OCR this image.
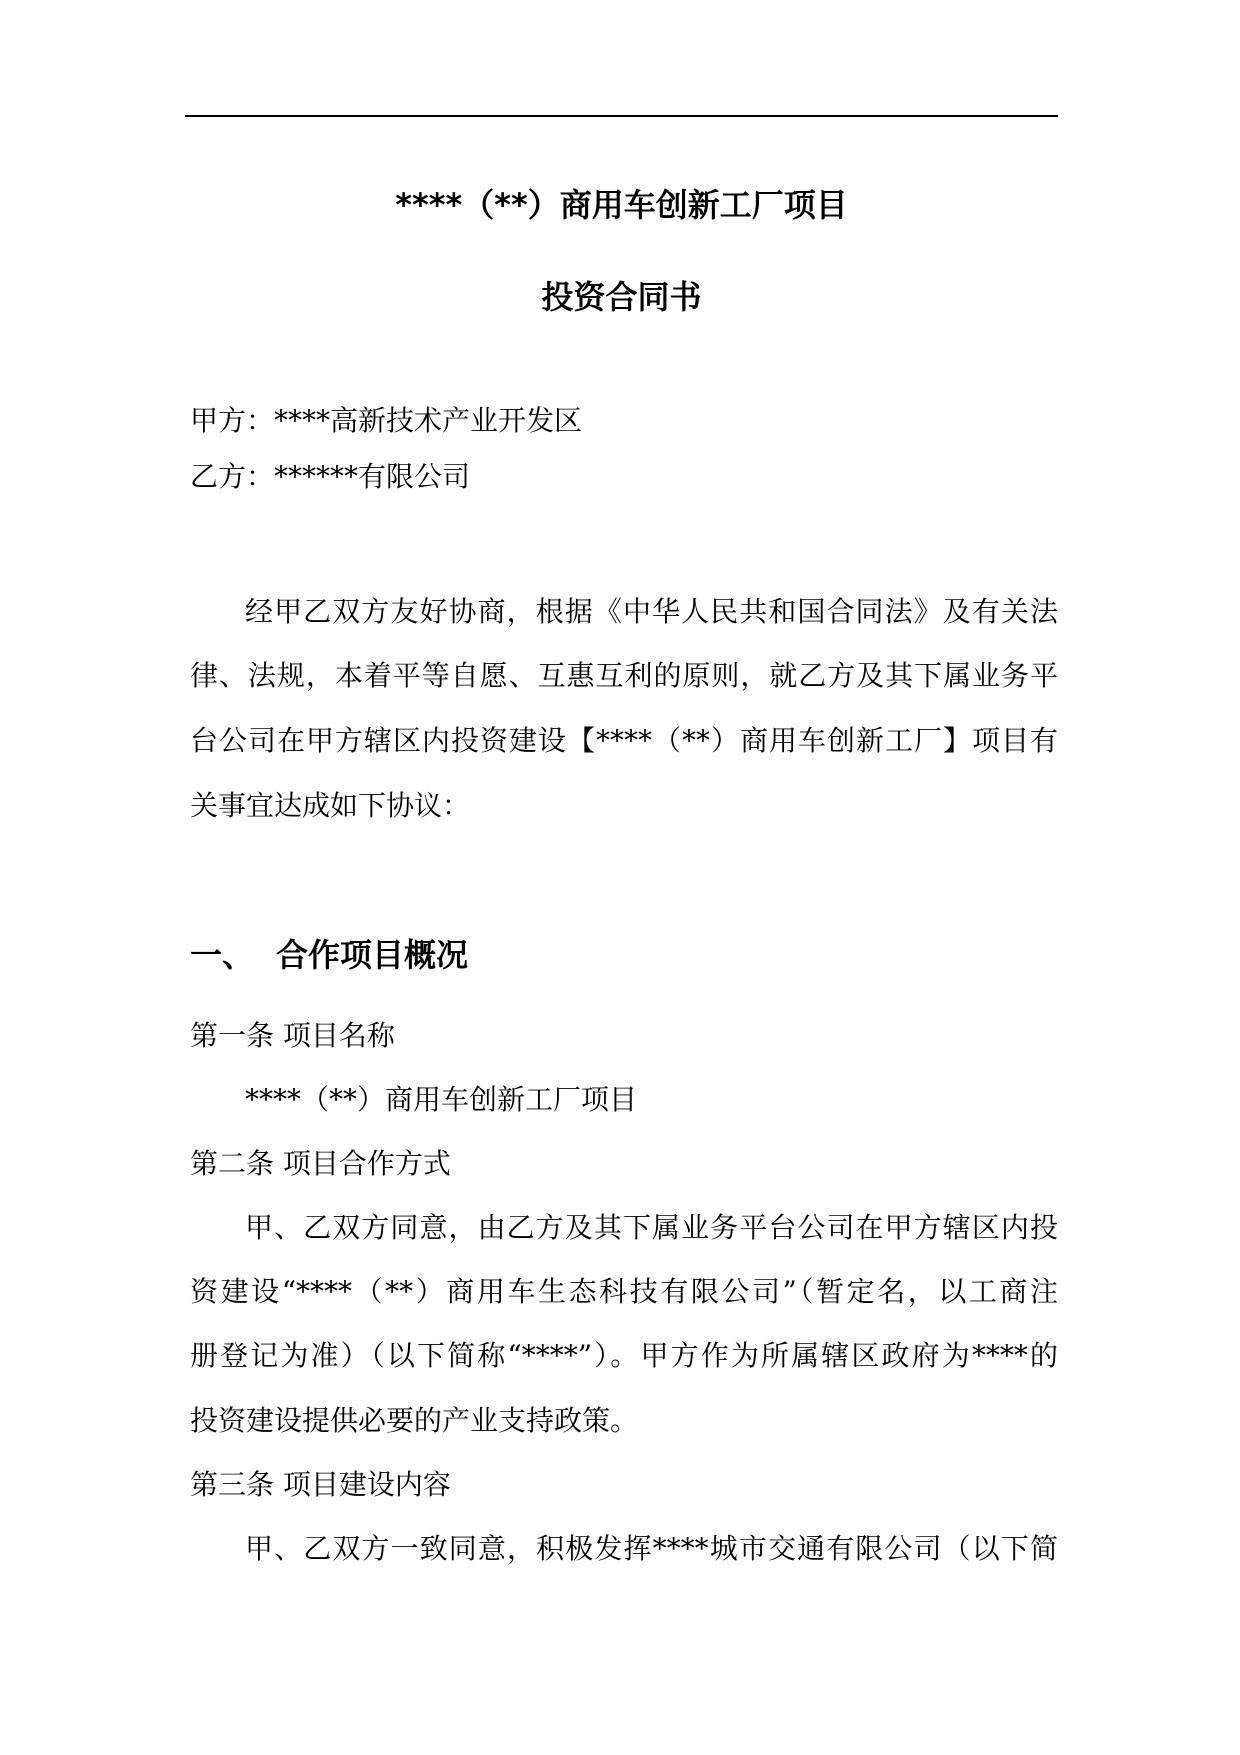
****（**）商用车创新工厂项目
投资合同书
甲方：****高新技术产业开发区
乙方：******有限公司
经甲乙双方友好协商，根据《中华人民共和国合同法》及有关法
律、法规，本着平等自愿、互惠互利的原则，就乙方及其下属业务平
台公司在甲方辖区内投资建设【****（**）商用车创新工厂】项目有
关事宜达成如下协议：
一、 合作项目概况
第一条 项目名称
****（**）商用车创新工厂项目
第二条 项目合作方式
甲、乙双方同意，由乙方及其下属业务平台公司在甲方辖区内投
资建设“****（**）商用车生态科技有限公司”（暂定名，以工商注
册登记为准）（以下简称“****”）。甲方作为所属辖区政府为****的
投资建设提供必要的产业支持政策。
第三条 项目建设内容
甲、乙双方一致同意，积极发挥****城市交通有限公司（以下简
